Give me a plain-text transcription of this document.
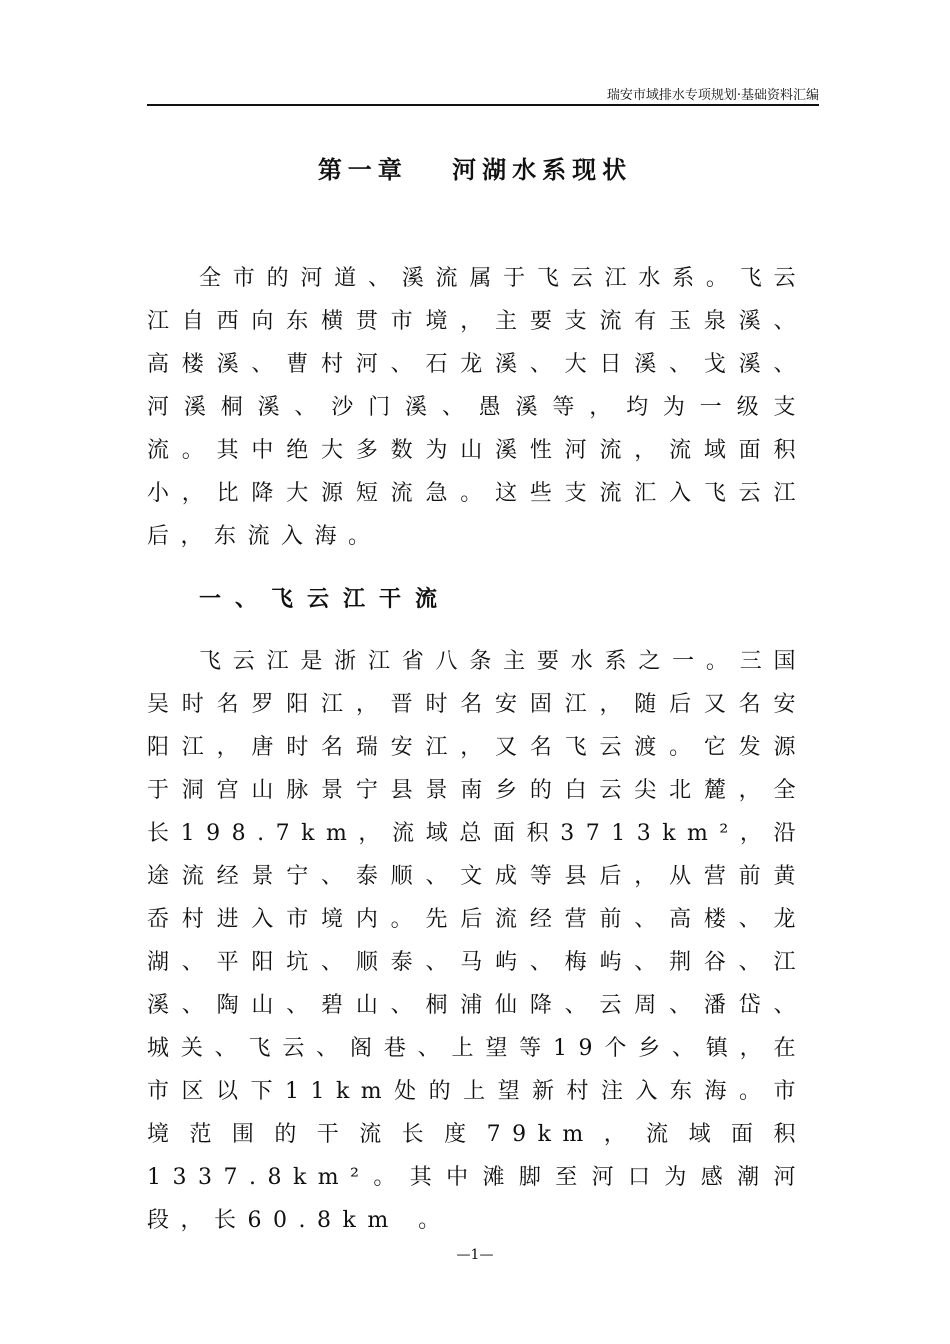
瑞安市域排水专项规划·基础资料汇编
第一章　 河湖水系现状

全市的河道、溪流属于飞云江水系。飞云江自西向东横贯市境，主要支流有玉泉溪、高楼溪、曹村河、石龙溪、大日溪、戈溪、河溪桐溪、沙门溪、愚溪等，均为一级支流。其中绝大多数为山溪性河流，流域面积小，比降大源短流急。这些支流汇入飞云江后，东流入海。

一、飞云江干流

飞云江是浙江省八条主要水系之一。三国吴时名罗阳江，晋时名安固江，随后又名安阳江，唐时名瑞安江，又名飞云渡。它发源于洞宫山脉景宁县景南乡的白云尖北麓，全长198.7km，流域总面积3713km²，沿途流经景宁、泰顺、文成等县后，从营前黄岙村进入市境内。先后流经营前、高楼、龙湖、平阳坑、顺泰、马屿、梅屿、荆谷、江溪、陶山、碧山、桐浦仙降、云周、潘岱、城关、飞云、阁巷、上望等19个乡、镇，在市区以下11km处的上望新村注入东海。市境范围的干流长度79km，流域面积1337.8km²。其中滩脚至河口为感潮河段，长60.8km 。

—1—
